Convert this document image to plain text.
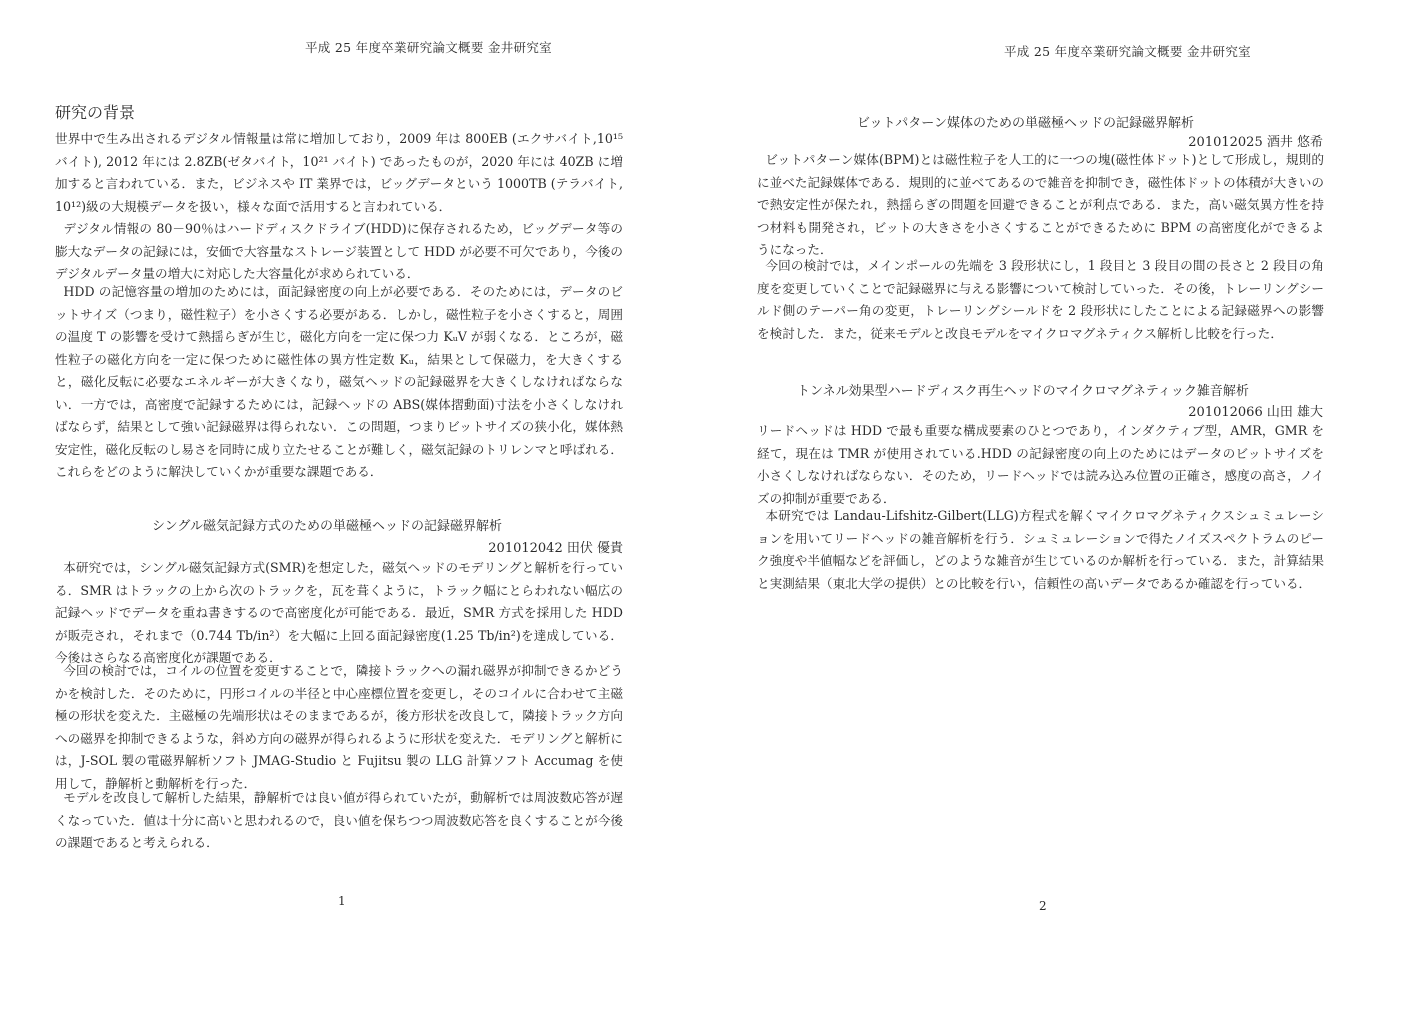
平成 25 年度卒業研究論文概要 金井研究室
研究の背景

世界中で生み出されるデジタル情報量は常に増加しており，2009 年は 800EB (エクサバイト,10¹⁵ バイト), 2012 年には 2.8ZB(ゼタバイト，10²¹ バイト) であったものが，2020 年には 40ZB に増加すると言われている．また，ビジネスや IT 業界では，ビッグデータという 1000TB (テラバイト, 10¹²)級の大規模データを扱い，様々な面で活用すると言われている．

デジタル情報の 80－90％はハードディスクドライブ(HDD)に保存されるため，ビッグデータ等の膨大なデータの記録には，安価で大容量なストレージ装置として HDD が必要不可欠であり，今後のデジタルデータ量の増大に対応した大容量化が求められている．

HDD の記憶容量の増加のためには，面記録密度の向上が必要である．そのためには，データのビットサイズ（つまり，磁性粒子）を小さくする必要がある．しかし，磁性粒子を小さくすると，周囲の温度 T の影響を受けて熱揺らぎが生じ，磁化方向を一定に保つ力 KᵤV が弱くなる．ところが，磁性粒子の磁化方向を一定に保つために磁性体の異方性定数 Kᵤ，結果として保磁力，を大きくすると，磁化反転に必要なエネルギーが大きくなり，磁気ヘッドの記録磁界を大きくしなければならない．一方では，高密度で記録するためには，記録ヘッドの ABS(媒体摺動面)寸法を小さくしなければならず，結果として強い記録磁界は得られない．この問題，つまりビットサイズの狭小化，媒体熱安定性，磁化反転のし易さを同時に成り立たせることが難しく，磁気記録のトリレンマと呼ばれる．これらをどのように解決していくかが重要な課題である．

シングル磁気記録方式のための単磁極ヘッドの記録磁界解析
201012042 田伏 優貴

本研究では，シングル磁気記録方式(SMR)を想定した，磁気ヘッドのモデリングと解析を行っている．SMR はトラックの上から次のトラックを，瓦を葺くように，トラック幅にとらわれない幅広の記録ヘッドでデータを重ね書きするので高密度化が可能である．最近，SMR 方式を採用した HDD が販売され，それまで（0.744 Tb/in²）を大幅に上回る面記録密度(1.25 Tb/in²)を達成している．今後はさらなる高密度化が課題である．

今回の検討では，コイルの位置を変更することで，隣接トラックへの漏れ磁界が抑制できるかどうかを検討した．そのために，円形コイルの半径と中心座標位置を変更し，そのコイルに合わせて主磁極の形状を変えた．主磁極の先端形状はそのままであるが，後方形状を改良して，隣接トラック方向への磁界を抑制できるような，斜め方向の磁界が得られるように形状を変えた．モデリングと解析には，J-SOL 製の電磁界解析ソフト JMAG-Studio と Fujitsu 製の LLG 計算ソフト Accumag を使用して，静解析と動解析を行った．

モデルを改良して解析した結果，静解析では良い値が得られていたが，動解析では周波数応答が遅くなっていた．値は十分に高いと思われるので，良い値を保ちつつ周波数応答を良くすることが今後の課題であると考えられる．

1
平成 25 年度卒業研究論文概要 金井研究室
ビットパターン媒体のための単磁極ヘッドの記録磁界解析
201012025 酒井 悠希

ビットパターン媒体(BPM)とは磁性粒子を人工的に一つの塊(磁性体ドット)として形成し，規則的に並べた記録媒体である．規則的に並べてあるので雑音を抑制でき，磁性体ドットの体積が大きいので熱安定性が保たれ，熱揺らぎの問題を回避できることが利点である．また，高い磁気異方性を持つ材料も開発され，ビットの大きさを小さくすることができるために BPM の高密度化ができるようになった．

今回の検討では，メインポールの先端を 3 段形状にし，1 段目と 3 段目の間の長さと 2 段目の角度を変更していくことで記録磁界に与える影響について検討していった．その後，トレーリングシールド側のテーパー角の変更，トレーリングシールドを 2 段形状にしたことによる記録磁界への影響を検討した．また，従来モデルと改良モデルをマイクロマグネティクス解析し比較を行った．

トンネル効果型ハードディスク再生ヘッドのマイクロマグネティック雑音解析
201012066 山田 雄大

リードヘッドは HDD で最も重要な構成要素のひとつであり，インダクティブ型，AMR，GMR を経て，現在は TMR が使用されている.HDD の記録密度の向上のためにはデータのビットサイズを小さくしなければならない．そのため，リードヘッドでは読み込み位置の正確さ，感度の高さ，ノイズの抑制が重要である．

本研究では Landau-Lifshitz-Gilbert(LLG)方程式を解くマイクロマグネティクスシュミュレーションを用いてリードヘッドの雑音解析を行う．シュミュレーションで得たノイズスペクトラムのピーク強度や半値幅などを評価し，どのような雑音が生じているのか解析を行っている．また，計算結果と実測結果（東北大学の提供）との比較を行い，信頼性の高いデータであるか確認を行っている．

2
